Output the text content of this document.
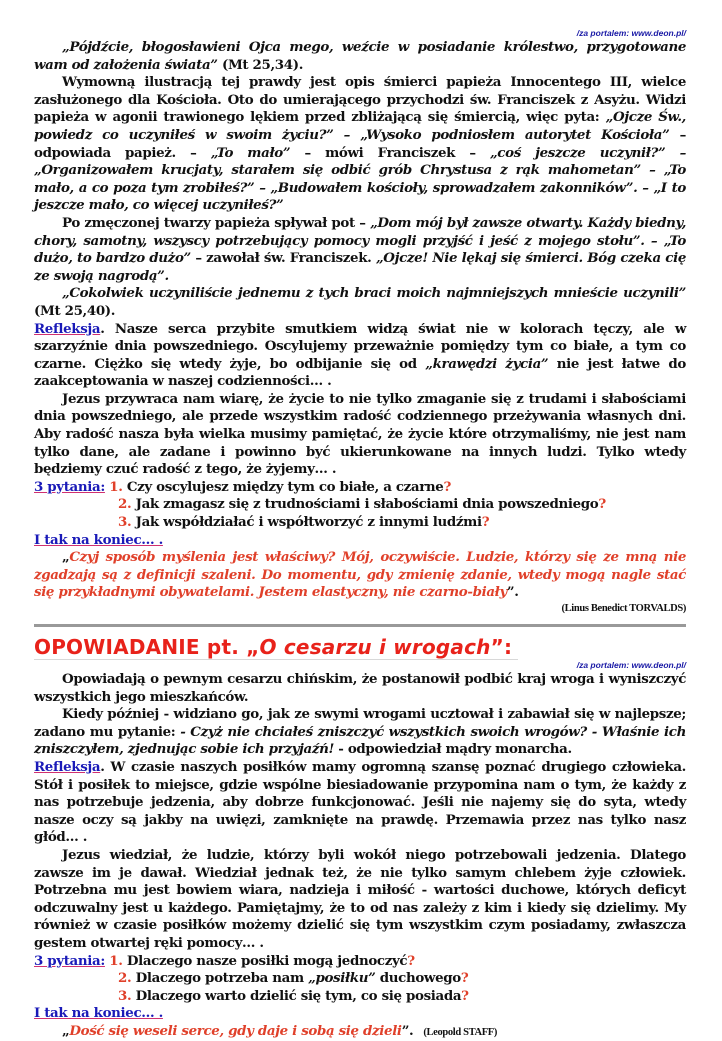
/za portalem: www.deon.pl/

„Pójdźcie, błogosławieni Ojca mego, weźcie w posiadanie królestwo, przygotowane wam od założenia świata” (Mt 25,34).

Wymowną ilustracją tej prawdy jest opis śmierci papieża Innocentego III, wielce zasłużonego dla Kościoła. Oto do umierającego przychodzi św. Franciszek z Asyżu. Widzi papieża w agonii trawionego lękiem przed zbliżającą się śmiercią, więc pyta: „Ojcze Św., powiedz co uczyniłeś w swoim życiu?” – „Wysoko podniosłem autorytet Kościoła” – odpowiada papież. – „To mało” – mówi Franciszek – „coś jeszcze uczynił?” – „Organizowałem krucjaty, starałem się odbić grób Chrystusa z rąk mahometan” – „To mało, a co poza tym zrobiłeś?” – „Budowałem kościoły, sprowadzałem zakonników”. – „I to jeszcze mało, co więcej uczyniłeś?”

Po zmęczonej twarzy papieża spływał pot – „Dom mój był zawsze otwarty. Każdy biedny, chory, samotny, wszyscy potrzebujący pomocy mogli przyjść i jeść z mojego stołu”. – „To dużo, to bardzo dużo” – zawołał św. Franciszek. „Ojcze! Nie lękaj się śmierci. Bóg czeka cię ze swoją nagrodą”.

„Cokolwiek uczyniliście jednemu z tych braci moich najmniejszych mnieście uczynili” (Mt 25,40).

Refleksja. Nasze serca przybite smutkiem widzą świat nie w kolorach tęczy, ale w szarzyźnie dnia powszedniego. Oscylujemy przeważnie pomiędzy tym co białe, a tym co czarne. Ciężko się wtedy żyje, bo odbijanie się od „krawędzi życia” nie jest łatwe do zaakceptowania w naszej codzienności… .

Jezus przywraca nam wiarę, że życie to nie tylko zmaganie się z trudami i słabościami dnia powszedniego, ale przede wszystkim radość codziennego przeżywania własnych dni. Aby radość nasza była wielka musimy pamiętać, że życie które otrzymaliśmy, nie jest nam tylko dane, ale zadane i powinno być ukierunkowane na innych ludzi. Tylko wtedy będziemy czuć radość z tego, że żyjemy… .

3 pytania: 1. Czy oscylujesz między tym co białe, a czarne?

2. Jak zmagasz się z trudnościami i słabościami dnia powszedniego?

3. Jak współdziałać i współtworzyć z innymi ludźmi?

I tak na koniec… .

„Czyj sposób myślenia jest właściwy? Mój, oczywiście. Ludzie, którzy się ze mną nie zgadzają są z definicji szaleni. Do momentu, gdy zmienię zdanie, wtedy mogą nagle stać się przykładnymi obywatelami. Jestem elastyczny, nie czarno-biały”.

(Linus Benedict TORVALDS)

OPOWIADANIE pt. „O cesarzu i wrogach”:
/za portalem: www.deon.pl/

Opowiadają o pewnym cesarzu chińskim, że postanowił podbić kraj wroga i wyniszczyć wszystkich jego mieszkańców.

Kiedy później - widziano go, jak ze swymi wrogami ucztował i zabawiał się w najlepsze; zadano mu pytanie: - Czyż nie chciałeś zniszczyć wszystkich swoich wrogów? - Właśnie ich zniszczyłem, zjednując sobie ich przyjaźń! - odpowiedział mądry monarcha.

Refleksja. W czasie naszych posiłków mamy ogromną szansę poznać drugiego człowieka. Stół i posiłek to miejsce, gdzie wspólne biesiadowanie przypomina nam o tym, że każdy z nas potrzebuje jedzenia, aby dobrze funkcjonować. Jeśli nie najemy się do syta, wtedy nasze oczy są jakby na uwięzi, zamknięte na prawdę. Przemawia przez nas tylko nasz głód… .

Jezus wiedział, że ludzie, którzy byli wokół niego potrzebowali jedzenia. Dlatego zawsze im je dawał. Wiedział jednak też, że nie tylko samym chlebem żyje człowiek. Potrzebna mu jest bowiem wiara, nadzieja i miłość - wartości duchowe, których deficyt odczuwalny jest u każdego. Pamiętajmy, że to od nas zależy z kim i kiedy się dzielimy. My również w czasie posiłków możemy dzielić się tym wszystkim czym posiadamy, zwłaszcza gestem otwartej ręki pomocy… .

3 pytania: 1. Dlaczego nasze posiłki mogą jednoczyć?

2. Dlaczego potrzeba nam „posiłku” duchowego?

3. Dlaczego warto dzielić się tym, co się posiada?

I tak na koniec… .

„Dość się weseli serce, gdy daje i sobą się dzieli”. (Leopold STAFF)
